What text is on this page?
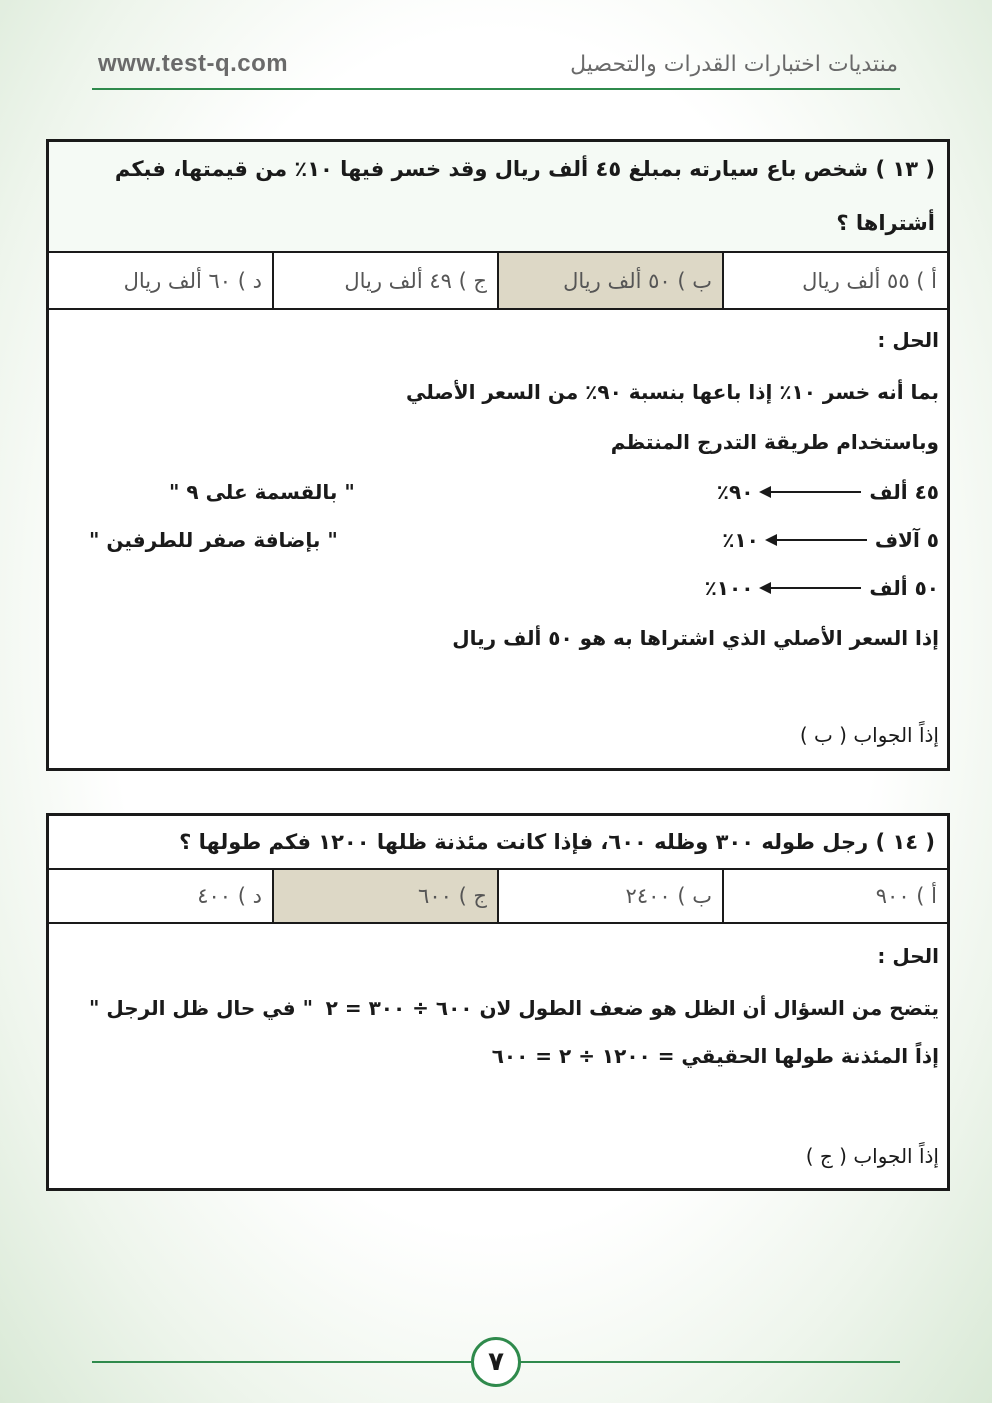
www.test-q.com	منتديات اختبارات القدرات والتحصيل
( ١٣ ) شخص باع سيارته بمبلغ ٤٥ ألف ريال وقد خسر فيها ١٠٪ من قيمتها، فبكم
أشتراها ؟
أ ) ٥٥ ألف ريال
ب ) ٥٠ ألف ريال
ج ) ٤٩ ألف ريال
د ) ٦٠ ألف ريال
الحل :
بما أنه خسر ١٠٪ إذا باعها بنسبة ٩٠٪ من السعر الأصلي
وباستخدام طريقة التدرج المنتظم
٤٥ ألف
٩٠٪
" بالقسمة على ٩ "
٥ آلاف
١٠٪
" بإضافة صفر للطرفين "
٥٠ ألف
١٠٠٪
إذا السعر الأصلي الذي اشتراها به هو ٥٠ ألف ريال
إذاً الجواب ( ب )
( ١٤ ) رجل طوله ٣٠٠ وظله ٦٠٠، فإذا كانت مئذنة ظلها ١٢٠٠ فكم طولها ؟
أ ) ٩٠٠
ب ) ٢٤٠٠
ج ) ٦٠٠
د ) ٤٠٠
الحل :
يتضح من السؤال أن الظل هو ضعف الطول لان ٦٠٠ ÷ ٣٠٠ = ٢
" في حال ظل الرجل "
إذاً المئذنة طولها الحقيقي = ١٢٠٠ ÷ ٢ = ٦٠٠
إذاً الجواب ( ج )
٧
